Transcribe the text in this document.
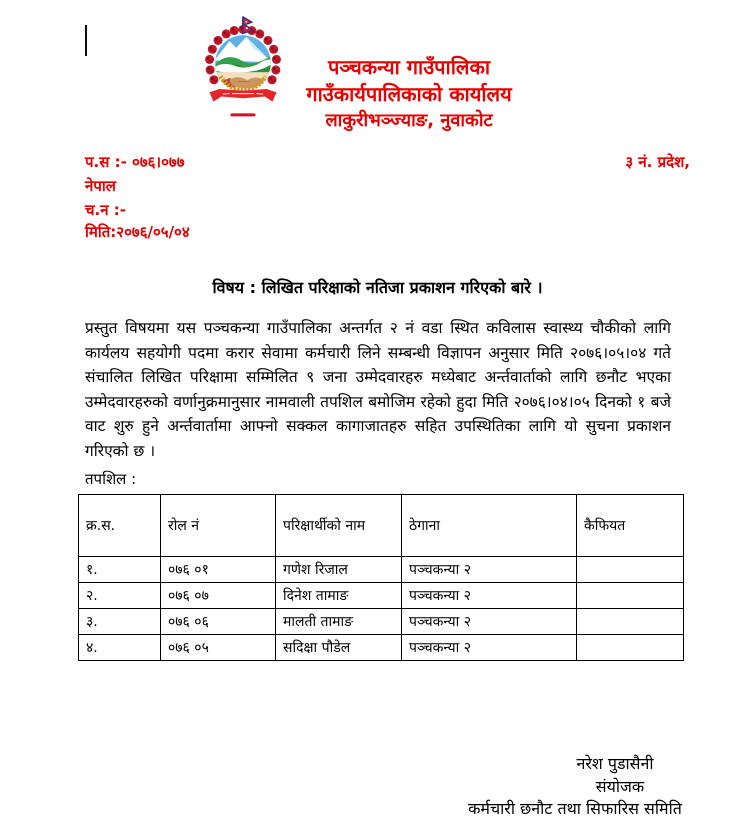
पञ्चकन्या गाउँपालिका
गाउँकार्यपालिकाको कार्यालय
लाकुरीभञ्ज्याङ, नुवाकोट
प.स :- ०७६।०७७	३ नं. प्रदेश,
नेपाल
च.न :-
मिति:२०७६/०५/०४
विषय : लिखित परिक्षाको नतिजा प्रकाशन गरिएको बारे ।
प्रस्तुत विषयमा यस पञ्चकन्या गाउँपालिका अन्तर्गत २ नं वडा स्थित कविलास स्वास्थ्य चौकीको लागि कार्यलय सहयोगी पदमा करार सेवामा कर्मचारी लिने सम्बन्धी विज्ञापन अनुसार मिति २०७६।०५।०४ गते संचालित लिखित परिक्षामा सम्मिलित ९ जना उम्मेदवारहरु मध्येबाट अर्न्तवार्ताको लागि छनौट भएका उम्मेदवारहरुको वर्णानुक्रमानुसार नामवाली तपशिल बमोजिम रहेको हुदा मिति २०७६।०४।०५ दिनको १ बजे वाट शुरु हुने अर्न्तवार्तामा आफ्नो सक्कल कागाजातहरु सहित उपस्थितिका लागि यो सुचना प्रकाशन गरिएको छ ।
तपशिल :
क्र.स.	रोल नं	परिक्षार्थीको नाम	ठेगाना	कैफियत
१.	०७६ ०१	गणेश रिजाल	पञ्चकन्या २	
२.	०७६ ०७	दिनेश तामाङ	पञ्चकन्या २	
३.	०७६ ०६	मालती तामाङ	पञ्चकन्या २	
४.	०७६ ०५	सदिक्षा पौडेल	पञ्चकन्या २	
नरेश पुडासैनी
संयोजक
कर्मचारी छनौट तथा सिफारिस समिति
